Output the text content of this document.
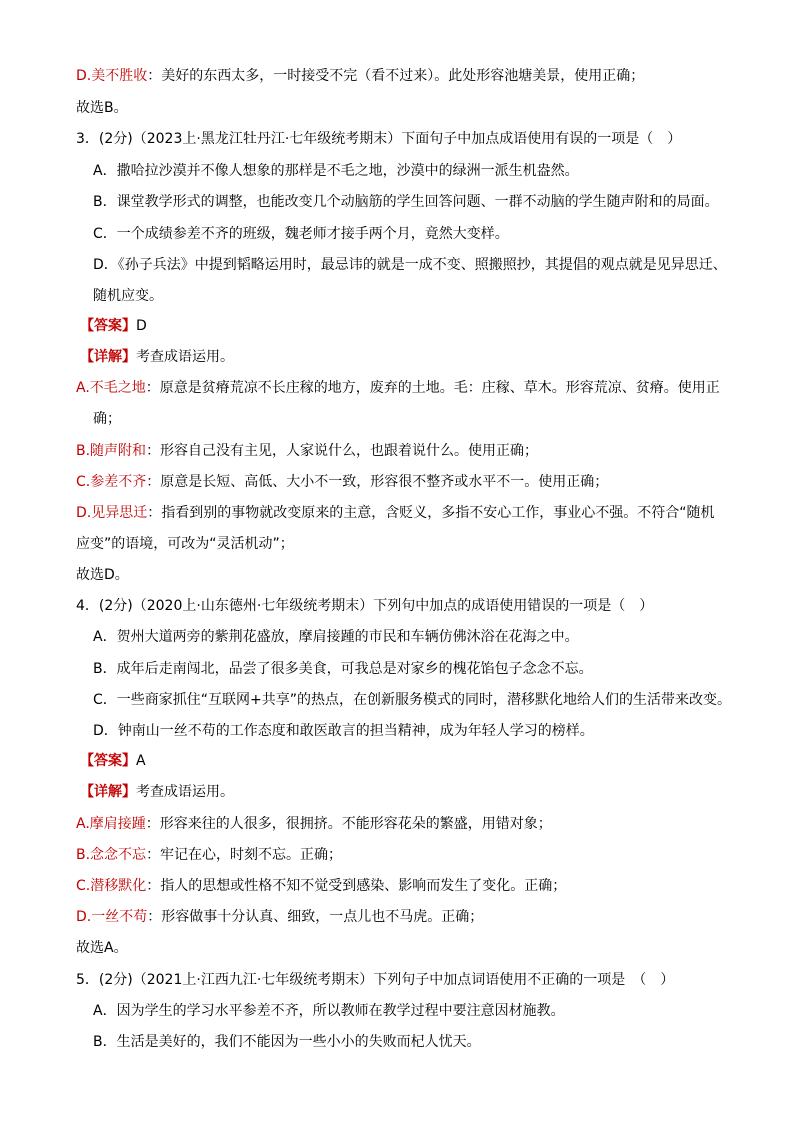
D.美不胜收：美好的东西太多，一时接受不完（看不过来）。此处形容池塘美景，使用正确；
故选B。
3．(2分)（2023上·黑龙江牡丹江·七年级统考期末）下面句子中加点成语使用有误的一项是（　）
A．撒哈拉沙漠并不像人想象的那样是不毛之地，沙漠中的绿洲一派生机盎然。
B．课堂教学形式的调整，也能改变几个动脑筋的学生回答问题、一群不动脑的学生随声附和的局面。
C．一个成绩参差不齐的班级，魏老师才接手两个月，竟然大变样。
D．《孙子兵法》中提到韬略运用时，最忌讳的就是一成不变、照搬照抄，其提倡的观点就是见异思迁、
随机应变。
【答案】D
【详解】考查成语运用。
A.不毛之地：原意是贫瘠荒凉不长庄稼的地方，废弃的土地。毛：庄稼、草木。形容荒凉、贫瘠。使用正
确；
B.随声附和：形容自己没有主见，人家说什么，也跟着说什么。使用正确；
C.参差不齐：原意是长短、高低、大小不一致，形容很不整齐或水平不一。使用正确；
D.见异思迁：指看到别的事物就改变原来的主意，含贬义，多指不安心工作，事业心不强。不符合“随机
应变”的语境，可改为“灵活机动”；
故选D。
4．(2分)（2020上·山东德州·七年级统考期末）下列句中加点的成语使用错误的一项是（　）
A．贺州大道两旁的紫荆花盛放，摩肩接踵的市民和车辆仿佛沐浴在花海之中。
B．成年后走南闯北，品尝了很多美食，可我总是对家乡的槐花馅包子念念不忘。
C．一些商家抓住“互联网+共享”的热点，在创新服务模式的同时，潜移默化地给人们的生活带来改变。
D．钟南山一丝不苟的工作态度和敢医敢言的担当精神，成为年轻人学习的榜样。
【答案】A
【详解】考查成语运用。
A.摩肩接踵：形容来往的人很多，很拥挤。不能形容花朵的繁盛，用错对象；
B.念念不忘：牢记在心，时刻不忘。正确；
C.潜移默化：指人的思想或性格不知不觉受到感染、影响而发生了变化。正确；
D.一丝不苟：形容做事十分认真、细致，一点儿也不马虎。正确；
故选A。
5．(2分)（2021上·江西九江·七年级统考期末）下列句子中加点词语使用不正确的一项是　（　）
A．因为学生的学习水平参差不齐，所以教师在教学过程中要注意因材施教。
B．生活是美好的，我们不能因为一些小小的失败而杞人忧天。
